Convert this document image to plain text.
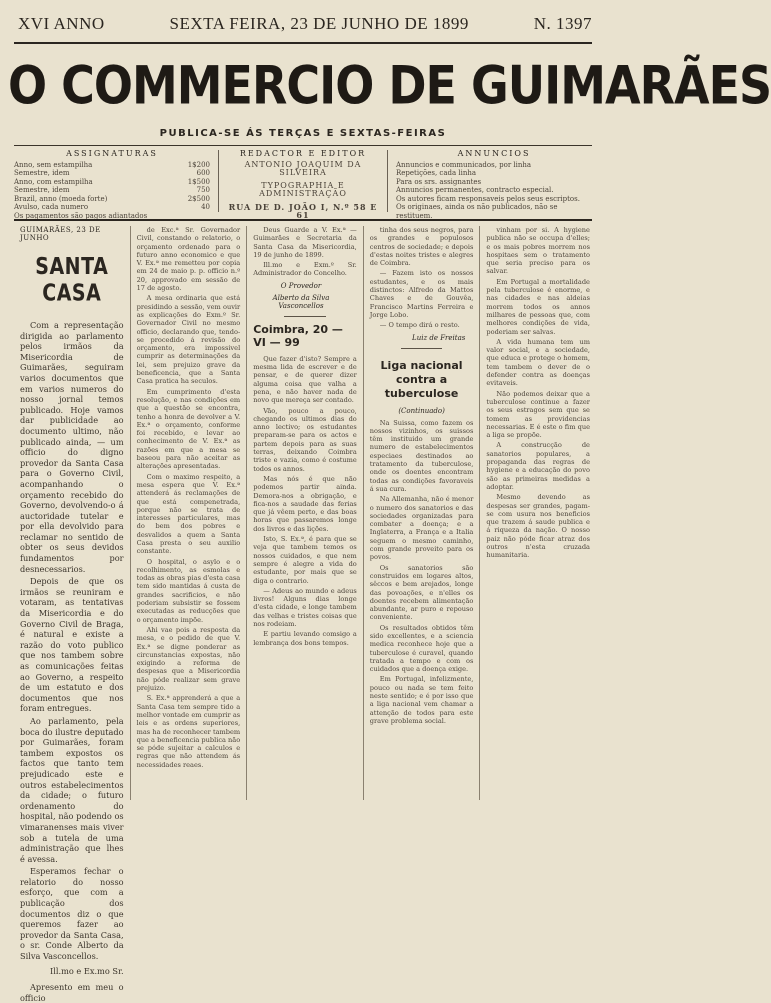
XVI ANNO	SEXTA FEIRA, 23 DE JUNHO DE 1899	N. 1397
O COMMERCIO DE GUIMARÃES
PUBLICA-SE ÁS TERÇAS E SEXTAS-FEIRAS
ASSIGNATURAS
Anno, sem estampilha	1$200
Semestre, idem	600
Anno, com estampilha	1$500
Semestre, idem	750
Brazil, anno (moeda forte)	2$500
Avulso, cada numero	40
Os pagamentos são pagos adiantados
REDACTOR E EDITOR
ANTONIO JOAQUIM DA SILVEIRA
TYPOGRAPHIA E ADMINISTRAÇÃO
RUA DE D. JOÃO I, N.º 58 E 61
ANNUNCIOS
Annuncios e communicados, por linha
Repetições, cada linha
Para os srs. assignantes
Annuncios permanentes, contracto especial.
Os autores ficam responsaveis pelos seus escriptos.
Os originaes, ainda os não publicados, não se restituem.
GUIMARÃES, 23 DE JUNHO
SANTA CASA

Com a representação dirigida ao parlamento pelos irmãos da Misericordia de Guimarães, seguiram varios documentos que em varios numeros do nosso jornal temos publicado. Hoje vamos dar publicidade ao documento ultimo, não publicado ainda, — um officio do digno provedor da Santa Casa para o Governo Civil, acompanhando o orçamento recebido do Governo, devolvendo-o á auctoridade tutelar e por ella devolvido para reclamar no sentido de obter os seus devidos fundamentos por desnecessarios.

Depois de que os irmãos se reuniram e votaram, as tentativas da Misericordia e do Governo Civil de Braga, é natural e existe a razão do voto publico que nos tambem sobre as comunicações feitas ao Governo, a respeito de um estatuto e dos documentos que nos foram entregues.

Ao parlamento, pela boca do ilustre deputado por Guimarães, foram tambem expostos os factos que tanto tem prejudicado este e outros estabelecimentos da cidade; o futuro ordenamento do hospital, não podendo os vimaranenses mais viver sob a tutela de uma administração que lhes é avessa.

Esperamos fechar o relatorio do nosso esforço, que com a publicação dos documentos diz o que queremos fazer ao provedor da Santa Casa, o sr. Conde Alberto da Silva Vasconcellos.

Ill.mo e Ex.mo Sr.
Apresento em meu o officio

de Exc.ª Sr. Governador Civil, constando o relatorio, o orçamento ordenado para o futuro anno economico e que V. Ex.ª me remetteu por copia em 24 de maio p. p. officio n.º 20, approvado em sessão de 17 de agosto.

A mesa ordinaria que está presidindo a sessão, vem ouvir as explicações do Exm.º Sr. Governador Civil no mesmo officio, declarando que, tendo-se procedido á revisão do orçamento, era impossivel cumprir as determinações da lei, sem prejuizo grave da beneficencia, que a Santa Casa pratica ha seculos.

Em cumprimento d'esta resolução, e nas condições em que a questão se encontra, tenho a honra de devolver a V. Ex.ª o orçamento, conforme foi recebido, e levar ao conhecimento de V. Ex.ª as razões em que a mesa se baseou para não aceitar as alterações apresentadas.

Com o maximo respeito, a mesa espera que V. Ex.ª attenderá ás reclamações de que está compenetrada, porque não se trata de interesses particulares, mas do bem dos pobres e desvalidos a quem a Santa Casa presta o seu auxilio constante.

O hospital, o asylo e o recolhimento, as esmolas e todas as obras pias d'esta casa tem sido mantidas á custa de grandes sacrificios, e não poderiam subsistir se fossem executadas as reducções que o orçamento impõe.

Ahi vae pois a resposta da mesa, e o pedido de que V. Ex.ª se digne ponderar as circunstancias expostas, não exigindo a reforma de despesas que a Misericordia não póde realizar sem grave prejuizo.

S. Ex.ª apprenderá a que a Santa Casa tem sempre tido a melhor vontade em cumprir as leis e as ordens superiores, mas ha de reconhecer tambem que a beneficencia publica não se póde sujeitar a calculos e regras que não attendem ás necessidades reaes.

Deus Guarde a V. Ex.ª — Guimarães e Secretaria da Santa Casa da Misericordia, 19 de junho de 1899.

Ill.mo e Exm.º Sr. Administrador do Concelho.

O Provedor
Alberto da Silva Vasconcellos
Coimbra, 20 — VI — 99

Que fazer d'isto? Sempre a mesma lida de escrever e de pensar, e de querer dizer alguma coisa que valha a pena, e não haver nada de novo que mereça ser contado.

Vão, pouco a pouco, chegando os ultimos dias do anno lectivo; os estudantes preparam-se para os actos e partem depois para as suas terras, deixando Coimbra triste e vazia, como é costume todos os annos.

Mas nós é que não podemos partir ainda. Demora-nos a obrigação, e fica-nos a saudade das ferias que já vêem perto, e das boas horas que passaremos longe dos livros e das lições.

Isto, S. Ex.ª, é para que se veja que tambem temos os nossos cuidados, e que nem sempre é alegre a vida do estudante, por mais que se diga o contrario.

— Adeus ao mundo e adeus livros! Alguns dias longe d'esta cidade, e longe tambem das velhas e tristes coisas que nos rodeiam.

E partiu levando comsigo a lembrança dos bons tempos.

tinha dos seus negros, para os grandes e populosos centros de sociedade; e depois d'estas noites tristes e alegres de Coimbra.

— Fazem isto os nossos estudantes, e os mais distinctos: Alfredo da Mattos Chaves e de Gouvêa, Francisco Martins Ferreira e Jorge Lobo.

— O tempo dirá o resto.

Luiz de Freitas
Liga nacional contra a tuberculose
(Continuado)

Na Suissa, como fazem os nossos vizinhos, os suissos têm instituido um grande numero de estabelecimentos especiaes destinados ao tratamento da tuberculose, onde os doentes encontram todas as condições favoraveis á sua cura.

Na Allemanha, não é menor o numero dos sanatorios e das sociedades organizadas para combater a doença; e a Inglaterra, a França e a Italia seguem o mesmo caminho, com grande proveito para os povos.

Os sanatorios são construidos em logares altos, sêccos e bem arejados, longe das povoações, e n'elles os doentes recebem alimentação abundante, ar puro e repouso conveniente.

Os resultados obtidos têm sido excellentes, e a sciencia medica reconhece hoje que a tuberculose é curavel, quando tratada a tempo e com os cuidados que a doença exige.

Em Portugal, infelizmente, pouco ou nada se tem feito neste sentido; e é por isso que a liga nacional vem chamar a attenção de todos para este grave problema social.

vinham por si. A hygiene publica não se occupa d'elles; e os mais pobres morrem nos hospitaes sem o tratamento que seria preciso para os salvar.

Em Portugal a mortalidade pela tuberculose é enorme, e nas cidades e nas aldeias morrem todos os annos milhares de pessoas que, com melhores condições de vida, poderiam ser salvas.

A vida humana tem um valor social, e a sociedade, que educa e protege o homem, tem tambem o dever de o defender contra as doenças evitaveis.

Não podemos deixar que a tuberculose continue a fazer os seus estragos sem que se tomem as providencias necessarias. E é este o fim que a liga se propõe.

A construcção de sanatorios populares, a propaganda das regras de hygiene e a educação do povo são as primeiras medidas a adoptar.

Mesmo devendo as despesas ser grandes, pagam-se com usura nos beneficios que trazem á saude publica e á riqueza da nação. O nosso paiz não póde ficar atraz dos outros n'esta cruzada humanitaria.
